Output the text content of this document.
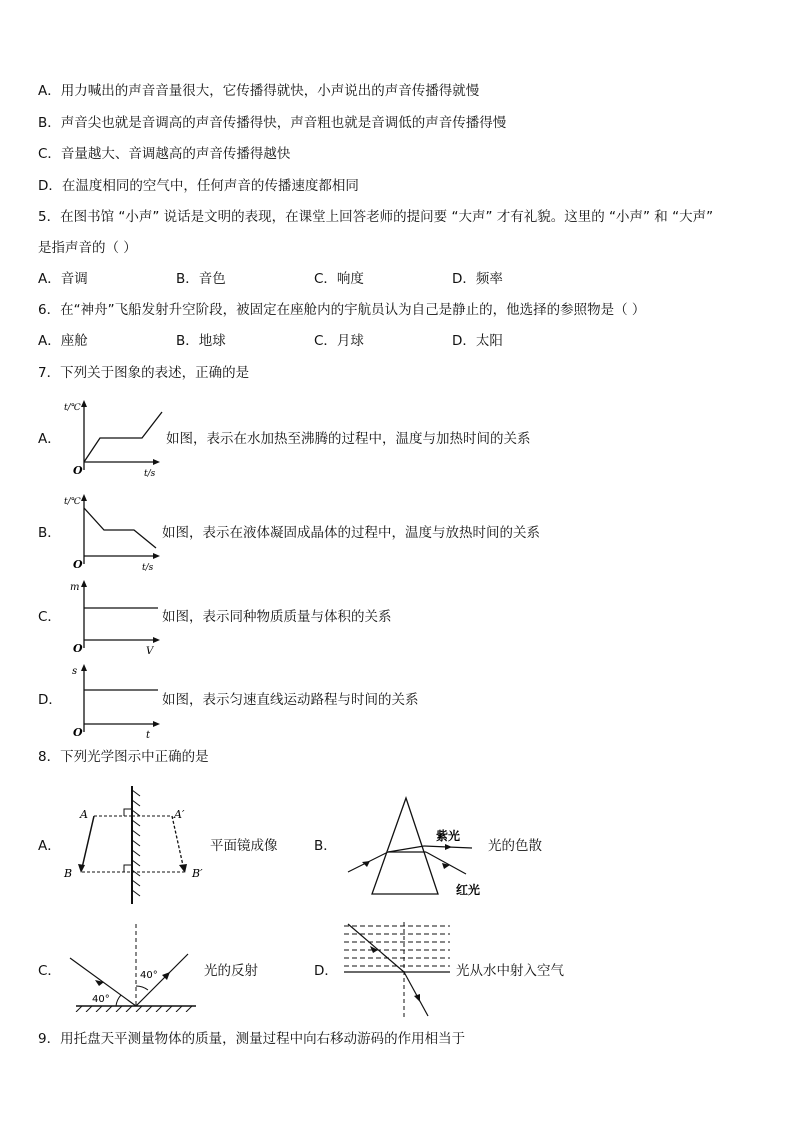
A．用力喊出的声音音量很大，它传播得就快，小声说出的声音传播得就慢
B．声音尖也就是音调高的声音传播得快，声音粗也就是音调低的声音传播得慢
C．音量越大、音调越高的声音传播得越快
D．在温度相同的空气中，任何声音的传播速度都相同
5．在图书馆 “小声” 说话是文明的表现，在课堂上回答老师的提问要 “大声” 才有礼貌。这里的 “小声” 和 “大声”
是指声音的（ ）
A．音调	B．音色	C．响度	D．频率
6．在“神舟”飞船发射升空阶段，被固定在座舱内的宇航员认为自己是静止的，他选择的参照物是（ ）
A．座舱	B．地球	C．月球	D．太阳
7．下列关于图象的表述，正确的是
A．
t/℃
t/s
O
如图，表示在水加热至沸腾的过程中，温度与加热时间的关系
B．
t/℃
t/s
O
如图，表示在液体凝固成晶体的过程中，温度与放热时间的关系
C．
m
V
O
如图，表示同种物质质量与体积的关系
D．
s
t
O
如图，表示匀速直线运动路程与时间的关系
8．下列光学图示中正确的是
A．
A	A′
B	B′
平面镜成像	B．
紫光
红光
光的色散
C．
40°
40°	光的反射	D．	光从水中射入空气
9．用托盘天平测量物体的质量，测量过程中向右移动游码的作用相当于
